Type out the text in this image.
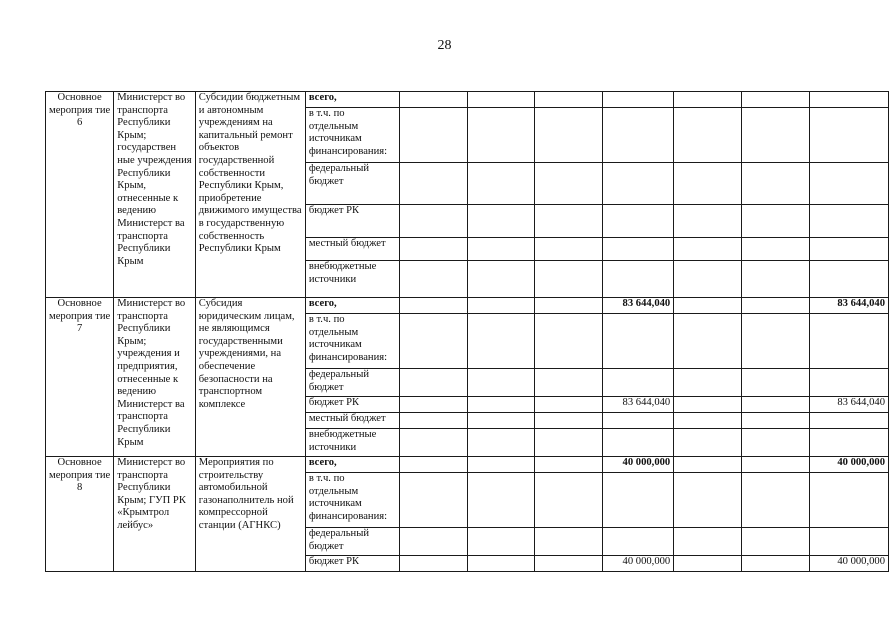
28
Основное мероприя тие 6	Министерст во транспорта Республики Крым; государствен ные учреждения Республики Крым, отнесенные к ведению Министерст ва транспорта Республики Крым	Субсидии бюджетным и автономным учреждениям на капитальный ремонт объектов государственной собственности Республики Крым, приобретение движимого имущества в государственную собственность Республики Крым	всего,							
			в т.ч. по отдельным источникам финансирования:							
			федеральный бюджет							
			бюджет РК							
			местный бюджет							
			внебюджетные источники							
Основное мероприя тие 7	Министерст во транспорта Республики Крым; учреждения и предприятия, отнесенные к ведению Министерст ва транспорта Республики Крым	Субсидия юридическим лицам, не являющимся государственными учреждениями, на обеспечение безопасности на транспортном комплексе	всего,				83 644,040			83 644,040
			в т.ч. по отдельным источникам финансирования:							
			федеральный бюджет							
			бюджет РК				83 644,040			83 644,040
			местный бюджет							
			внебюджетные источники							
Основное мероприя тие 8	Министерст во транспорта Республики Крым; ГУП РК «Крымтрол лейбус»	Мероприятия по строительству автомобильной газонаполнитель ной компрессорной станции (АГНКС)	всего,				40 000,000			40 000,000
			в т.ч. по отдельным источникам финансирования:							
			федеральный бюджет							
			бюджет РК				40 000,000			40 000,000
